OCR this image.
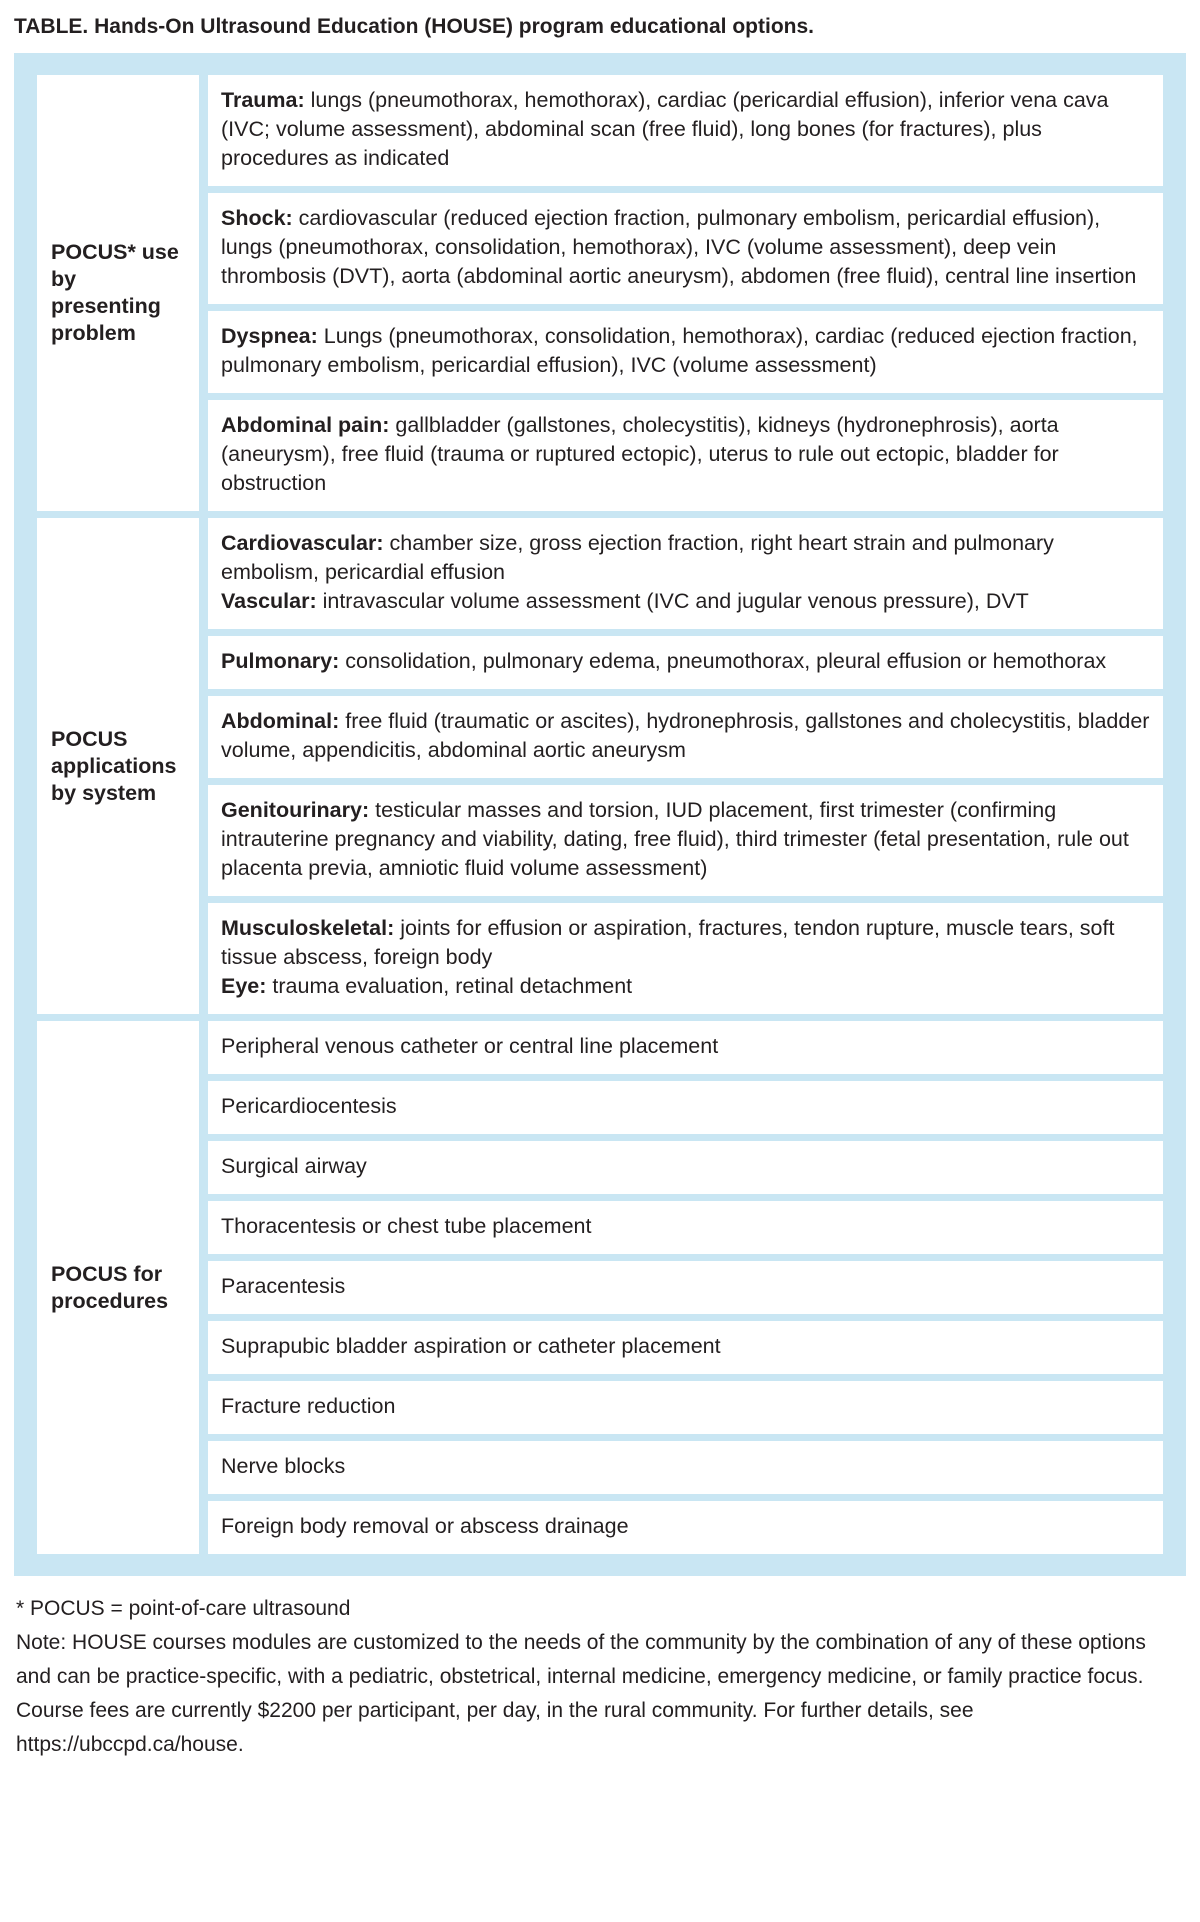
TABLE. Hands-On Ultrasound Education (HOUSE) program educational options.
POCUS* use by presenting problem

Trauma: lungs (pneumothorax, hemothorax), cardiac (pericardial effusion), inferior vena cava (IVC; volume assessment), abdominal scan (free fluid), long bones (for fractures), plus procedures as indicated

Shock: cardiovascular (reduced ejection fraction, pulmonary embolism, pericardial effusion), lungs (pneumothorax, consolidation, hemothorax), IVC (volume assessment), deep vein thrombosis (DVT), aorta (abdominal aortic aneurysm), abdomen (free fluid), central line insertion

Dyspnea: Lungs (pneumothorax, consolidation, hemothorax), cardiac (reduced ejection fraction, pulmonary embolism, pericardial effusion), IVC (volume assessment)

Abdominal pain: gallbladder (gallstones, cholecystitis), kidneys (hydronephrosis), aorta (aneurysm), free fluid (trauma or ruptured ectopic), uterus to rule out ectopic, bladder for obstruction

POCUS applications by system

Cardiovascular: chamber size, gross ejection fraction, right heart strain and pulmonary embolism, pericardial effusion

Vascular: intravascular volume assessment (IVC and jugular venous pressure), DVT

Pulmonary: consolidation, pulmonary edema, pneumothorax, pleural effusion or hemothorax

Abdominal: free fluid (traumatic or ascites), hydronephrosis, gallstones and cholecystitis, bladder volume, appendicitis, abdominal aortic aneurysm

Genitourinary: testicular masses and torsion, IUD placement, first trimester (confirming intrauterine pregnancy and viability, dating, free fluid), third trimester (fetal presentation, rule out placenta previa, amniotic fluid volume assessment)

Musculoskeletal: joints for effusion or aspiration, fractures, tendon rupture, muscle tears, soft tissue abscess, foreign body

Eye: trauma evaluation, retinal detachment

POCUS for procedures

Peripheral venous catheter or central line placement

Pericardiocentesis

Surgical airway

Thoracentesis or chest tube placement

Paracentesis

Suprapubic bladder aspiration or catheter placement

Fracture reduction

Nerve blocks

Foreign body removal or abscess drainage

* POCUS = point-of-care ultrasound

Note: HOUSE courses modules are customized to the needs of the community by the combination of any of these options and can be practice-specific, with a pediatric, obstetrical, internal medicine, emergency medicine, or family practice focus. Course fees are currently $2200 per participant, per day, in the rural community. For further details, see https://ubccpd.ca/house.
